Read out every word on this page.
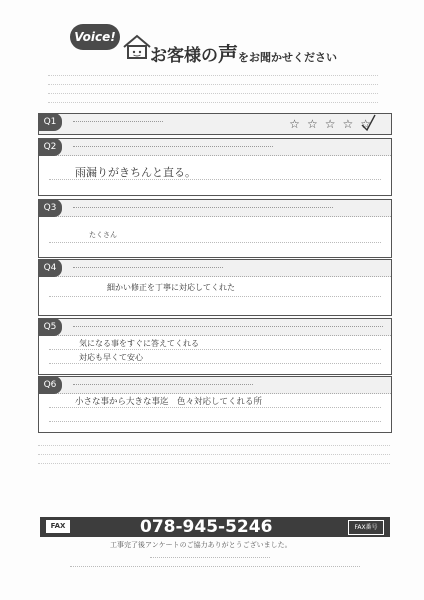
Voice!
お客様の声をお聞かせください
Q1	☆ ☆ ☆ ☆ ☆
Q2
雨漏りがきちんと直る。
Q3
たくさん
Q4
細かい修正を丁寧に対応してくれた
Q5
気になる事をすぐに答えてくれる
対応も早くて安心
Q6
小さな事から大きな事迄　色々対応してくれる所
FAX	078-945-5246	FAX番号
工事完了後アンケートのご協力ありがとうございました。
